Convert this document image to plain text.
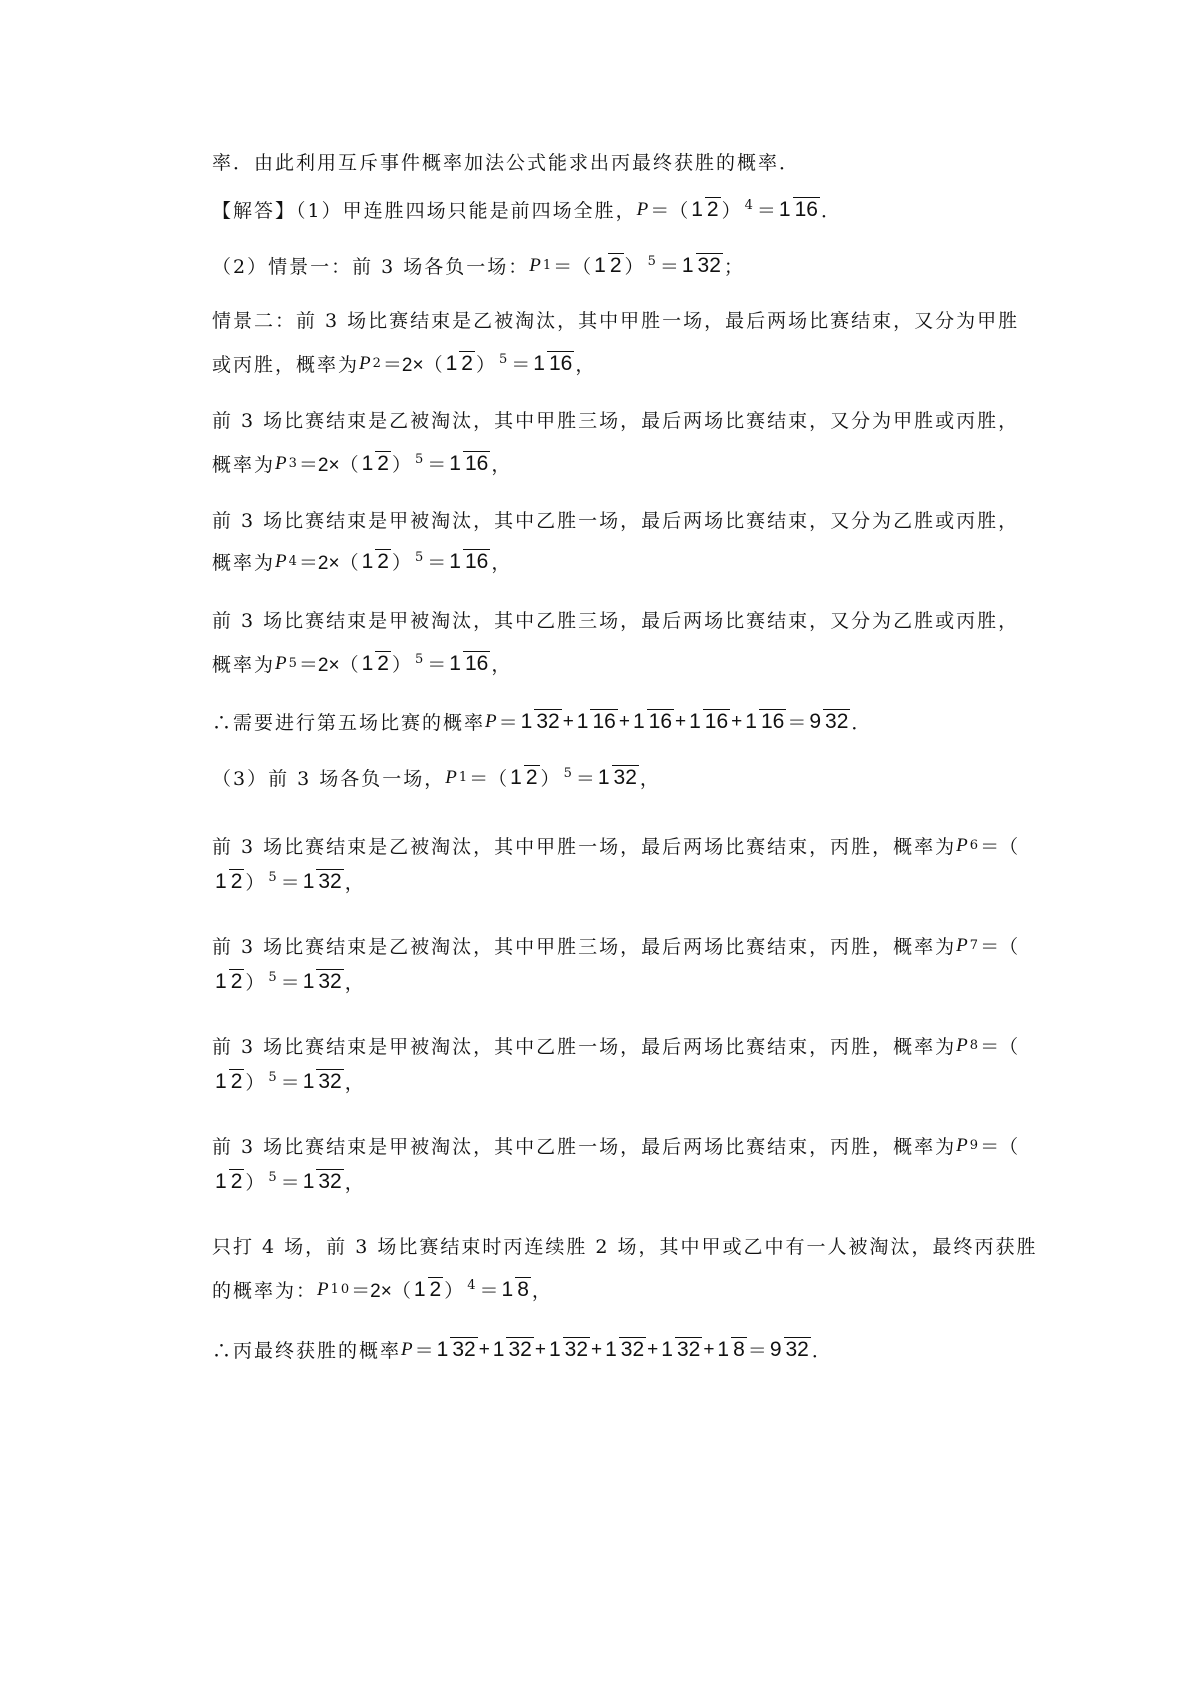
率．由此利用互斥事件概率加法公式能求出丙最终获胜的概率．
【解答】（1）甲连胜四场只能是前四场全胜， P ＝（ 1 2 ） 4 ＝ 1 16 ．
（2）情景一：前 3 场各负一场： P 1 ＝（ 1 2 ） 5 ＝ 1 32 ；
情景二：前 3 场比赛结束是乙被淘汰，其中甲胜一场，最后两场比赛结束，又分为甲胜
或丙胜，概率为 P 2 ＝2×（ 1 2 ） 5 ＝ 1 16 ，
前 3 场比赛结束是乙被淘汰，其中甲胜三场，最后两场比赛结束，又分为甲胜或丙胜，
概率为 P 3 ＝2×（ 1 2 ） 5 ＝ 1 16 ，
前 3 场比赛结束是甲被淘汰，其中乙胜一场，最后两场比赛结束，又分为乙胜或丙胜，
概率为 P 4 ＝2×（ 1 2 ） 5 ＝ 1 16 ，
前 3 场比赛结束是甲被淘汰，其中乙胜三场，最后两场比赛结束，又分为乙胜或丙胜，
概率为 P 5 ＝2×（ 1 2 ） 5 ＝ 1 16 ，
∴需要进行第五场比赛的概率 P ＝ 1 32 + 1 16 + 1 16 + 1 16 + 1 16 ＝ 9 32 ．
（3）前 3 场各负一场， P 1 ＝（ 1 2 ） 5 ＝ 1 32 ，
前 3 场比赛结束是乙被淘汰，其中甲胜一场，最后两场比赛结束，丙胜，概率为 P 6 ＝（
1 2 ） 5 ＝ 1 32 ，
前 3 场比赛结束是乙被淘汰，其中甲胜三场，最后两场比赛结束，丙胜，概率为 P 7 ＝（
1 2 ） 5 ＝ 1 32 ，
前 3 场比赛结束是甲被淘汰，其中乙胜一场，最后两场比赛结束，丙胜，概率为 P 8 ＝（
1 2 ） 5 ＝ 1 32 ，
前 3 场比赛结束是甲被淘汰，其中乙胜一场，最后两场比赛结束，丙胜，概率为 P 9 ＝（
1 2 ） 5 ＝ 1 32 ，
只打 4 场，前 3 场比赛结束时丙连续胜 2 场，其中甲或乙中有一人被淘汰，最终丙获胜
的概率为： P 10 ＝2×（ 1 2 ） 4 ＝ 1 8 ，
∴丙最终获胜的概率 P ＝ 1 32 + 1 32 + 1 32 + 1 32 + 1 32 + 1 8 ＝ 9 32 ．
